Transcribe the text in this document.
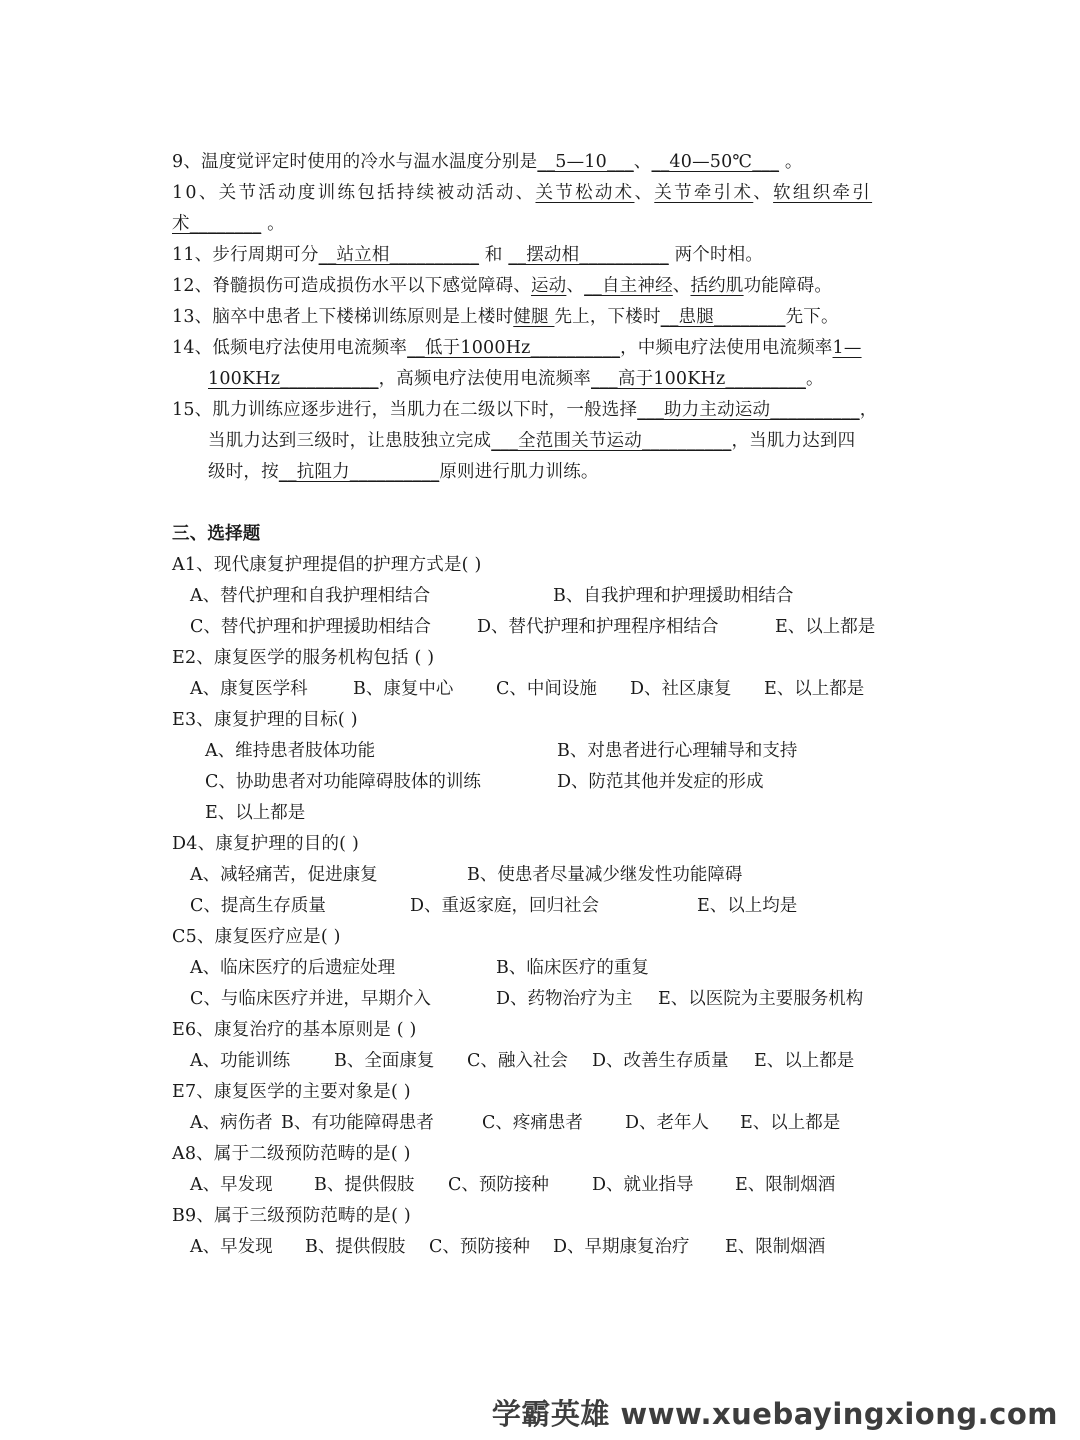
9、温度觉评定时使用的冷水与温水温度分别是__5—10___、__40—50℃___ 。
10、关节活动度训练包括持续被动活动、关节松动术、关节牵引术、软组织牵引
术________ 。
11、步行周期可分__站立相__________ 和 __摆动相__________ 两个时相。
12、脊髓损伤可造成损伤水平以下感觉障碍、运动、__自主神经、括约肌功能障碍。
13、脑卒中患者上下楼梯训练原则是上楼时健腿 先上，下楼时__患腿________先下。
14、低频电疗法使用电流频率__低于1000Hz__________，中频电疗法使用电流频率1—
100KHz___________，高频电疗法使用电流频率___高于100KHz_________。
15、肌力训练应逐步进行，当肌力在二级以下时，一般选择___助力主动运动__________，
当肌力达到三级时，让患肢独立完成___全范围关节运动__________，当肌力达到四
级时，按__抗阻力__________原则进行肌力训练。
三、选择题
A1、现代康复护理提倡的护理方式是( )
A、替代护理和自我护理相结合	B、自我护理和护理援助相结合
C、替代护理和护理援助相结合	D、替代护理和护理程序相结合	E、以上都是
E2、康复医学的服务机构包括 ( )
A、康复医学科	B、康复中心 C、中间设施 D、社区康复 E、以上都是
E3、康复护理的目标( )
A、维持患者肢体功能	B、对患者进行心理辅导和支持
C、协助患者对功能障碍肢体的训练	D、防范其他并发症的形成
E、以上都是
D4、康复护理的目的( )
A、减轻痛苦，促进康复	B、使患者尽量减少继发性功能障碍
C、提高生存质量	D、重返家庭，回归社会	E、以上均是
C5、康复医疗应是( )
A、临床医疗的后遗症处理	B、临床医疗的重复
C、与临床医疗并进，早期介入	D、药物治疗为主 E、以医院为主要服务机构
E6、康复治疗的基本原则是 ( )
A、功能训练	B、全面康复 C、融入社会 D、改善生存质量 E、以上都是
E7、康复医学的主要对象是( )
A、病伤者 B、有功能障碍患者	C、疼痛患者 D、老年人 E、以上都是
A8、属于二级预防范畴的是( )
A、早发现 B、提供假肢 C、预防接种 D、就业指导 E、限制烟酒
B9、属于三级预防范畴的是( )
A、早发现 B、提供假肢 C、预防接种 D、早期康复治疗 E、限制烟酒
学霸英雄 www.xuebayingxiong.com
